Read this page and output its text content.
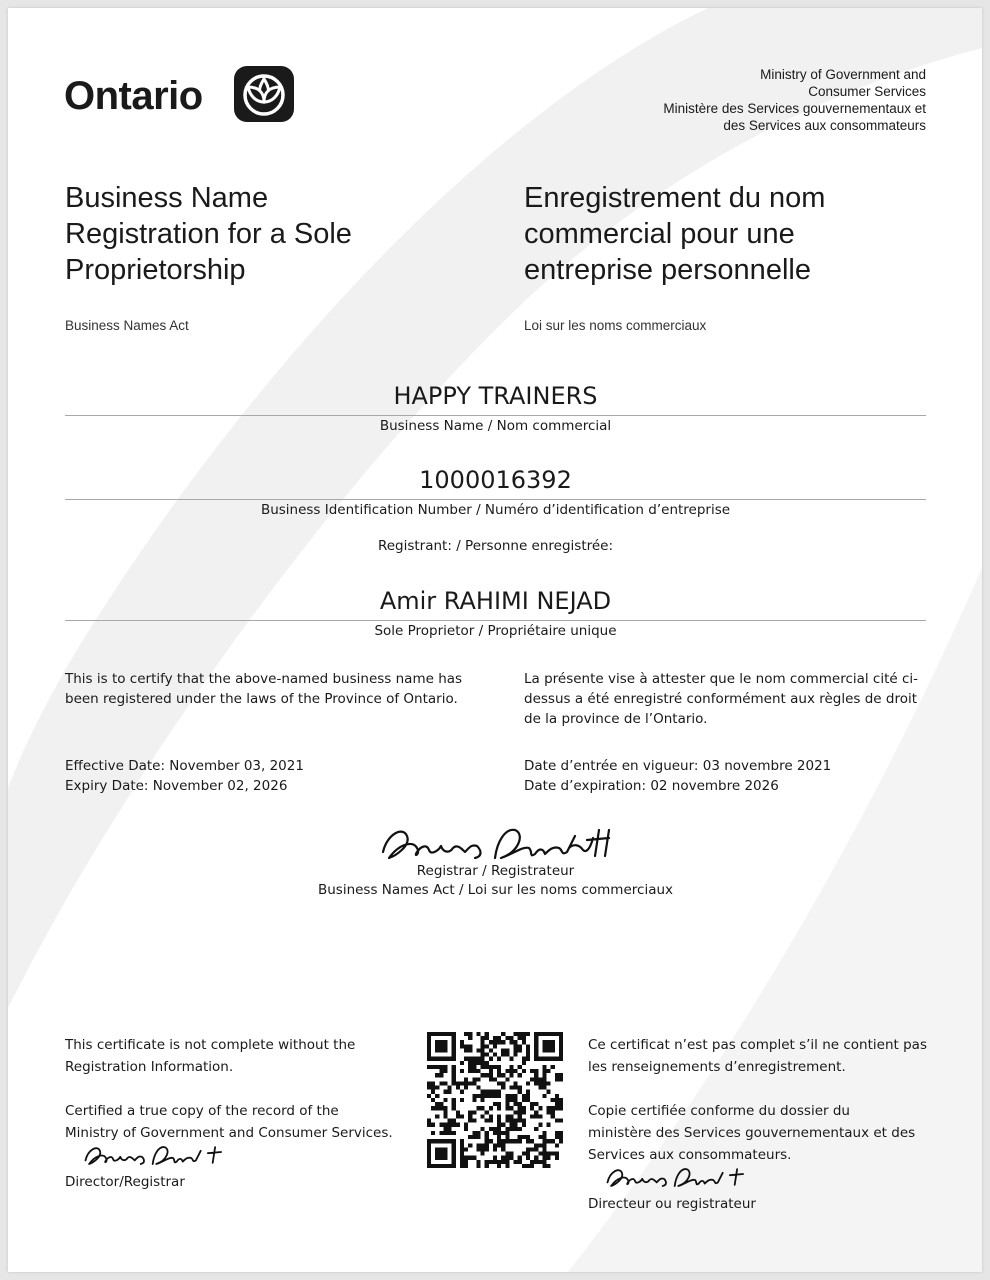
Ontario	Ministry of Government and
Consumer Services
Ministère des Services gouvernementaux et
des Services aux consommateurs
Business Name
Registration for a Sole
Proprietorship
Enregistrement du nom
commercial pour une
entreprise personnelle
Business Names Act	Loi sur les noms commerciaux
HAPPY TRAINERS
Business Name / Nom commercial
1000016392
Business Identification Number / Numéro d’identification d’entreprise
Registrant: / Personne enregistrée:
Amir RAHIMI NEJAD
Sole Proprietor / Propriétaire unique
This is to certify that the above-named business name has
been registered under the laws of the Province of Ontario.
La présente vise à attester que le nom commercial cité ci-
dessus a été enregistré conformément aux règles de droit
de la province de l’Ontario.
Effective Date: November 03, 2021
Expiry Date: November 02, 2026
Date d’entrée en vigueur: 03 novembre 2021
Date d’expiration: 02 novembre 2026
Registrar / Registrateur
Business Names Act / Loi sur les noms commerciaux
This certificate is not complete without the
Registration Information.
Certified a true copy of the record of the
Ministry of Government and Consumer Services.
Director/Registrar
Ce certificat n’est pas complet s’il ne contient pas
les renseignements d’enregistrement.
Copie certifiée conforme du dossier du
ministère des Services gouvernementaux et des
Services aux consommateurs.
Directeur ou registrateur
